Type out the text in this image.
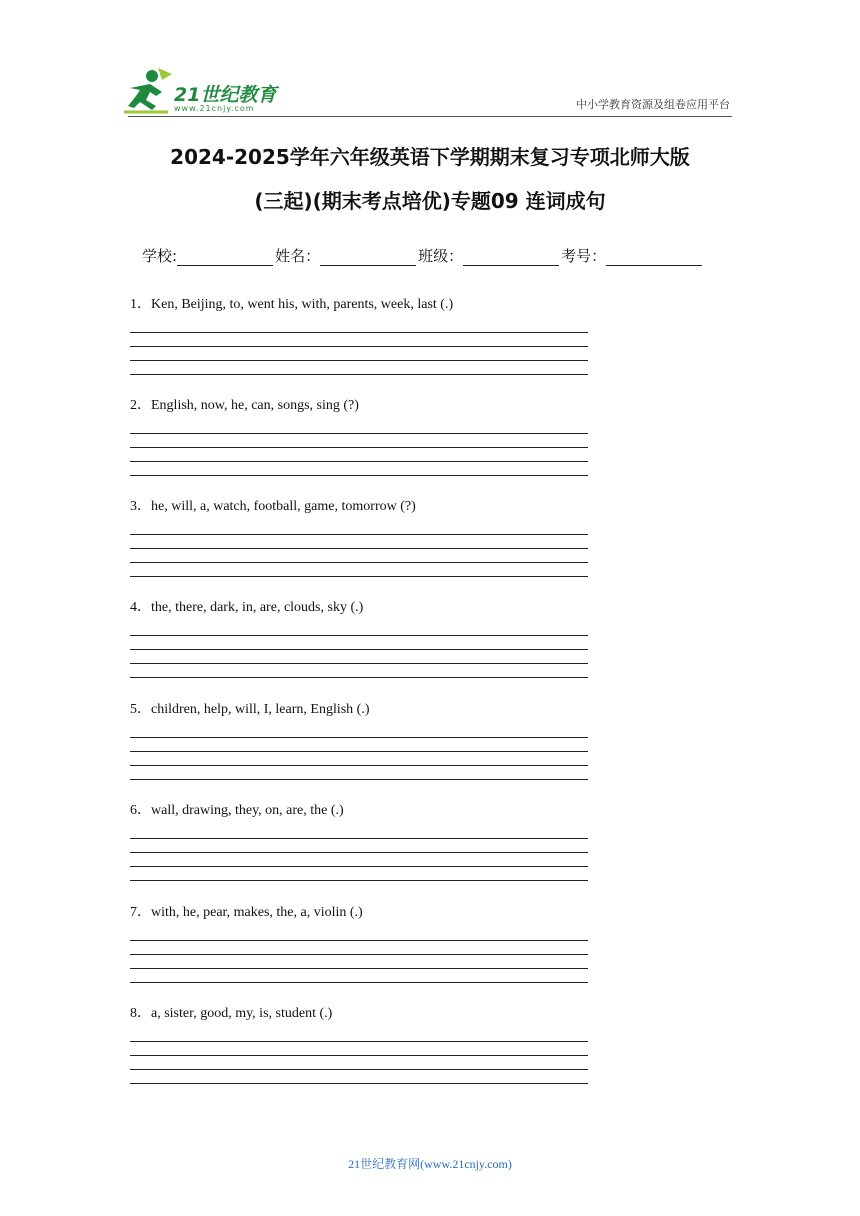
21世纪教育
www.21cnjy.com	中小学教育资源及组卷应用平台
2024-2025学年六年级英语下学期期末复习专项北师大版
(三起)(期末考点培优)专题09 连词成句
学校:	姓名：	班级：	考号：
1．Ken, Beijing, to, went his, with, parents, week, last (.)
2．English, now, he, can, songs, sing (?)
3．he, will, a, watch, football, game, tomorrow (?)
4．the, there, dark, in, are, clouds, sky (.)
5．children, help, will, I, learn, English (.)
6．wall, drawing, they, on, are, the (.)
7．with, he, pear, makes, the, a, violin (.)
8．a, sister, good, my, is, student (.)
21世纪教育网(www.21cnjy.com)
